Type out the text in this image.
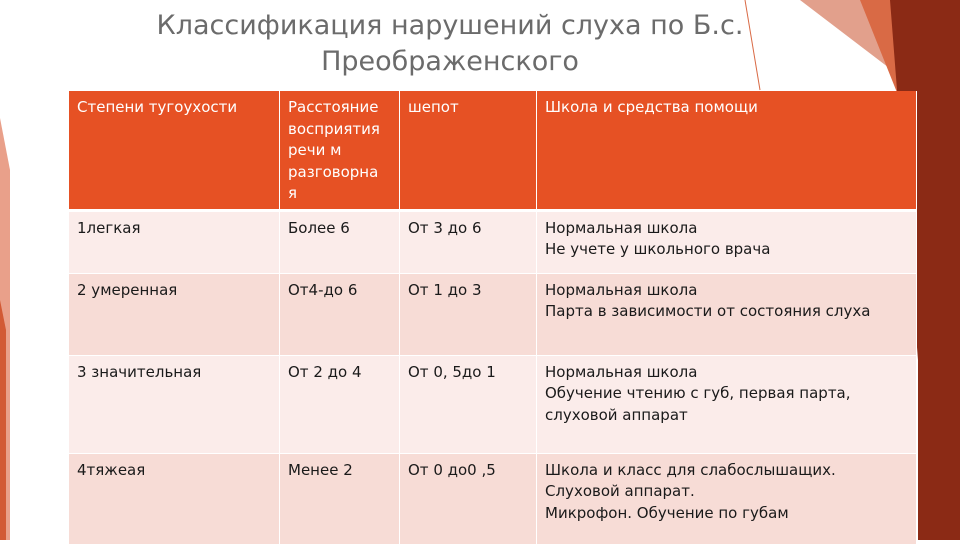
Классификация нарушений слуха по Б.с. Преображенского
Степени тугоухости	Расстояние восприятия речи м разговорна я	шепот	Школа и средства помощи
1легкая	Более 6	От 3 до 6	Нормальная школа
Не учете у школьного врача
2 умеренная	От4-до 6	От 1 до 3	Нормальная школа
Парта в зависимости от состояния слуха
3 значительная	От 2 до 4	От 0, 5до 1	Нормальная школа
Обучение чтению с губ, первая парта, слуховой аппарат
4тяжеая	Менее 2	От 0 до0 ,5	Школа и класс для слабослышащих.
Слуховой аппарат.
Микрофон. Обучение по губам
